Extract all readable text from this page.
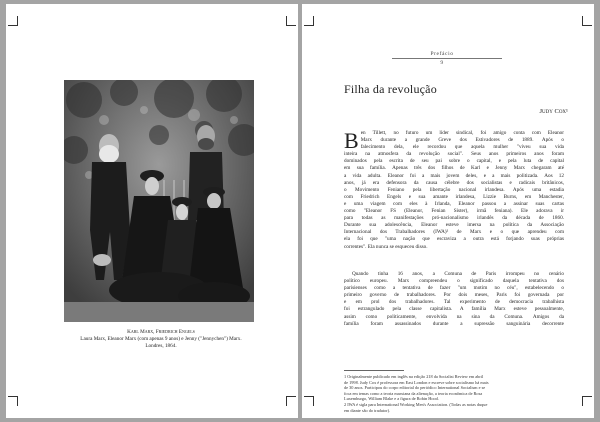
Karl Marx, Friedrich Engels
Laura Marx, Eleanor Marx (com apenas 9 anos) e Jenny ("Jennychen") Marx.
Londres, 1864.
Prefácio
9
Filha da revolução
Judy Cox¹
B en Tillett, no futuro um líder sindical, foi amigo conta com Eleanor
Marx durante a grande Greve dos Estivadores de 1889. Após o
falecimento dela, ele recordou que aquela mulher "viveu sua vida
inteira na atmosfera da revolução social". Seus anos primeiros anos foram
dominados pela escrita de seu pai sobre o capital, e pela luta de capital
em sua família. Apenas três dos filhos de Karl e Jenny Marx chegaram até
a vida adulta. Eleanor foi a mais jovem deles, e a mais politizada. Aos 12
anos, já era defensora da causa célebre dos socialistas e radicais britânicos,
o Movimento Feniano pela libertação nacional irlandesa. Após uma estadia
com Friedrich Engels e sua amante irlandesa, Lizzie Burns, em Manchester,
e uma viagem com eles à Irlanda, Eleanor passou a assinar suas cartas
como "Eleanor FS (Eleanor, Fenian Sister), irmã feniana). Ele adorava ir
para todas as manifestações pró-nacionalismo irlandês da década de 1860.
Durante sua adolescência, Eleanor esteve imersa na política da Associação
Internacional dos Trabalhadores (IWA)² de Marx e o que aprendeu com
ela foi que "uma nação que escraviza a outra está forjando suas próprias
correntes". Ela nunca se esqueceu disso.
Quando tinha 16 anos, a Comuna de Paris irrompeu no cenário
político europeu. Marx compreendeu o significado daquela tentativa dos
parisienses como a tentativa de fazer "um motim no céu", estabelecendo o
primeiro governo de trabalhadores. Por dois meses, Paris foi governada por
e em prol dos trabalhadores. Tal experimento de democracia trabalhista
foi estrangulado pela classe capitalista. A família Marx esteve pessoalmente,
assim como politicamente, envolvida na sina da Comuna. Amigos da
família foram assassinados durante a supressão sanguinária decorrente
1 Originalmente publicado em inglês na edição 218 da Socialist Review em abril
de 1998. Judy Cox é professora em East London e escreve sobre socialismo há mais
de 30 anos. Participou do corpo editorial do periódico International Socialism e se
foca em temas como a teoria marxiana da alienação, a teoria econômica de Rosa
Luxemburgo, William Blake e a figura de Robin Hood.
2 IWA é sigla para International Working Men's Association. (Todas as notas duque
em diante são do tradutor).
